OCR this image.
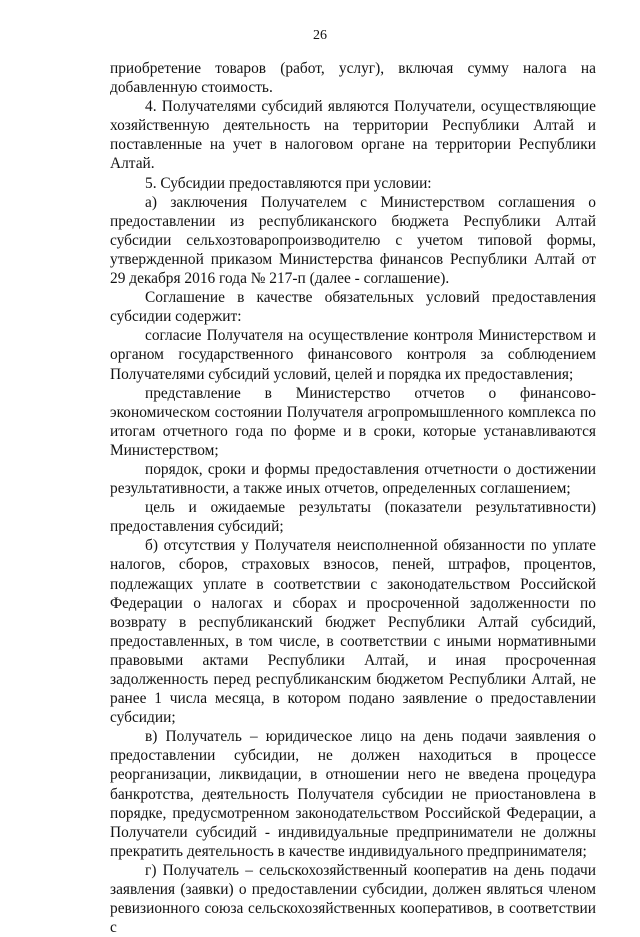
26

приобретение товаров (работ, услуг), включая сумму налога на добавленную стоимость.

4. Получателями субсидий являются Получатели, осуществляющие хозяйственную деятельность на территории Республики Алтай и поставленные на учет в налоговом органе на территории Республики Алтай.

5. Субсидии предоставляются при условии:

а) заключения Получателем с Министерством соглашения о предоставлении из республиканского бюджета Республики Алтай субсидии сельхозтоваропроизводителю с учетом типовой формы, утвержденной приказом Министерства финансов Республики Алтай от 29 декабря 2016 года № 217-п (далее - соглашение).

Соглашение в качестве обязательных условий предоставления субсидии содержит:

согласие Получателя на осуществление контроля Министерством и органом государственного финансового контроля за соблюдением Получателями субсидий условий, целей и порядка их предоставления;

представление в Министерство отчетов о финансово-экономическом состоянии Получателя агропромышленного комплекса по итогам отчетного года по форме и в сроки, которые устанавливаются Министерством;

порядок, сроки и формы предоставления отчетности о достижении результативности, а также иных отчетов, определенных соглашением;

цель и ожидаемые результаты (показатели результативности) предоставления субсидий;

б) отсутствия у Получателя неисполненной обязанности по уплате налогов, сборов, страховых взносов, пеней, штрафов, процентов, подлежащих уплате в соответствии с законодательством Российской Федерации о налогах и сборах и просроченной задолженности по возврату в республиканский бюджет Республики Алтай субсидий, предоставленных, в том числе, в соответствии с иными нормативными правовыми актами Республики Алтай, и иная просроченная задолженность перед республиканским бюджетом Республики Алтай, не ранее 1 числа месяца, в котором подано заявление о предоставлении субсидии;

в) Получатель – юридическое лицо на день подачи заявления о предоставлении субсидии, не должен находиться в процессе реорганизации, ликвидации, в отношении него не введена процедура банкротства, деятельность Получателя субсидии не приостановлена в порядке, предусмотренном законодательством Российской Федерации, а Получатели субсидий - индивидуальные предприниматели не должны прекратить деятельность в качестве индивидуального предпринимателя;

г) Получатель – сельскохозяйственный кооператив на день подачи заявления (заявки) о предоставлении субсидии, должен являться членом ревизионного союза сельскохозяйственных кооперативов, в соответствии с
